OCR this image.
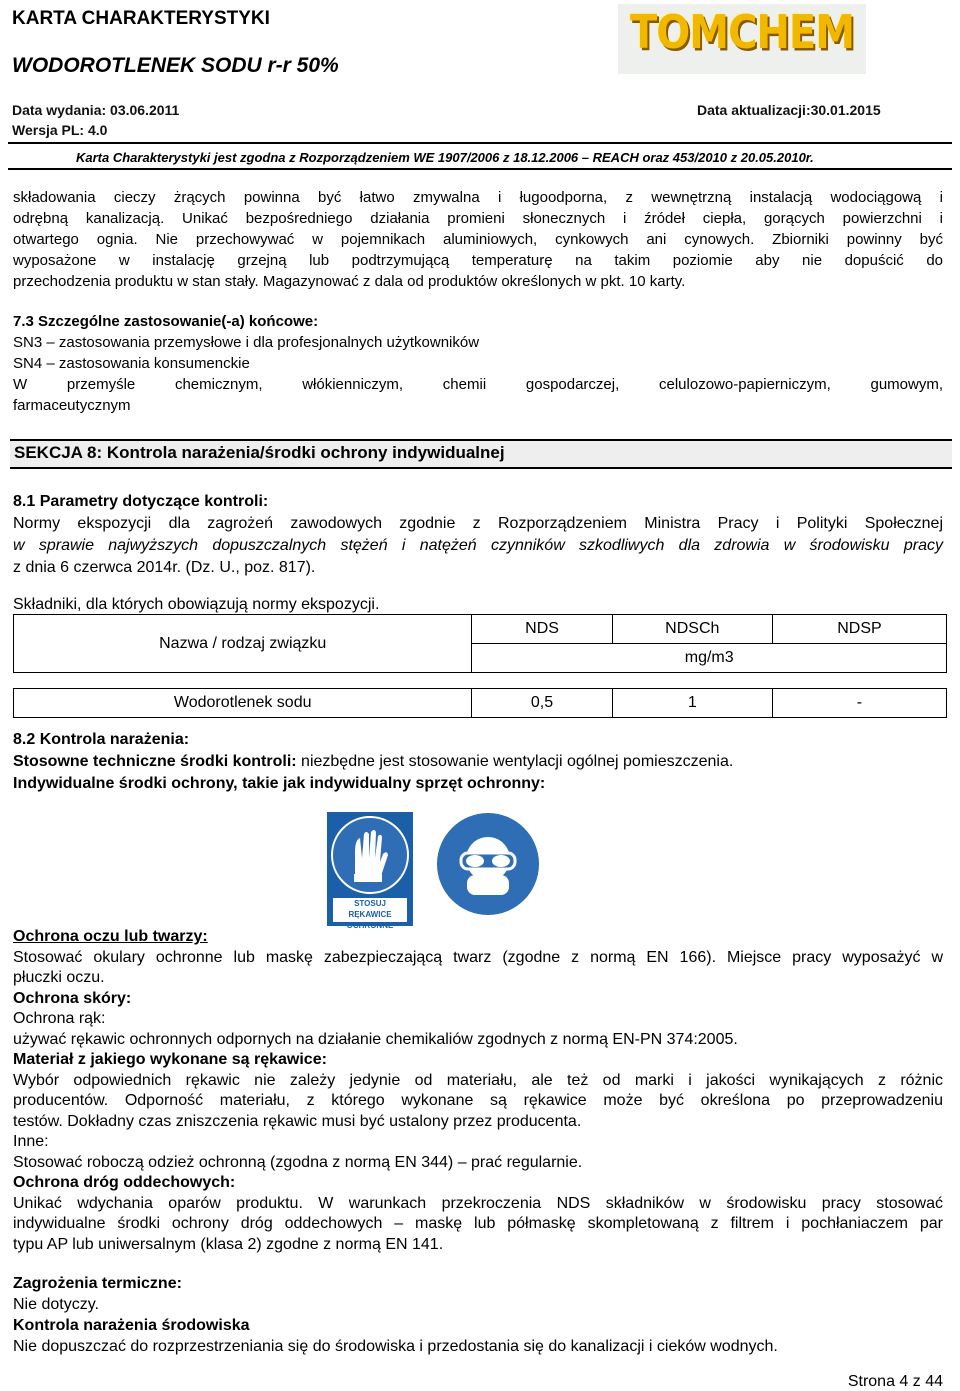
KARTA CHARAKTERYSTYKI
WODOROTLENEK SODU r-r 50%
TOMCHEM
Data wydania: 03.06.2011	Data aktualizacji:30.01.2015
Wersja PL: 4.0
Karta Charakterystyki jest zgodna z Rozporządzeniem WE 1907/2006 z 18.12.2006 – REACH oraz 453/2010 z 20.05.2010r.
składowania cieczy żrących powinna być łatwo zmywalna i ługoodporna, z wewnętrzną instalacją wodociągową i
odrębną kanalizacją. Unikać bezpośredniego działania promieni słonecznych i źródeł ciepła, gorących powierzchni i
otwartego ognia. Nie przechowywać w pojemnikach aluminiowych, cynkowych ani cynowych. Zbiorniki powinny być
wyposażone w instalację grzejną lub podtrzymującą temperaturę na takim poziomie aby nie dopuścić do
przechodzenia produktu w stan stały. Magazynować z dala od produktów określonych w pkt. 10 karty.
7.3 Szczególne zastosowanie(-a) końcowe:
SN3 – zastosowania przemysłowe i dla profesjonalnych użytkowników
SN4 – zastosowania konsumenckie
W przemyśle chemicznym, włókienniczym, chemii gospodarczej, celulozowo-papierniczym, gumowym,
farmaceutycznym
SEKCJA 8: Kontrola narażenia/środki ochrony indywidualnej
8.1 Parametry dotyczące kontroli:
Normy ekspozycji dla zagrożeń zawodowych zgodnie z Rozporządzeniem Ministra Pracy i Polityki Społecznej
w sprawie najwyższych dopuszczalnych stężeń i natężeń czynników szkodliwych dla zdrowia w środowisku pracy
z dnia 6 czerwca 2014r. (Dz. U., poz. 817).
Składniki, dla których obowiązują normy ekspozycji.
Nazwa / rodzaj związku	NDS	NDSCh	NDSP
	mg/m3		

Wodorotlenek sodu	0,5	1	-
8.2 Kontrola narażenia:
Stosowne techniczne środki kontroli: niezbędne jest stosowanie wentylacji ogólnej pomieszczenia.
Indywidualne środki ochrony, takie jak indywidualny sprzęt ochronny:
STOSUJ RĘKAWICE OCHRONNE
Ochrona oczu lub twarzy:
Stosować okulary ochronne lub maskę zabezpieczającą twarz (zgodne z normą EN 166). Miejsce pracy wyposażyć w
płuczki oczu.
Ochrona skóry:
Ochrona rąk:
używać rękawic ochronnych odpornych na działanie chemikaliów zgodnych z normą EN-PN 374:2005.
Materiał z jakiego wykonane są rękawice:
Wybór odpowiednich rękawic nie zależy jedynie od materiału, ale też od marki i jakości wynikających z różnic
producentów. Odporność materiału, z którego wykonane są rękawice może być określona po przeprowadzeniu
testów. Dokładny czas zniszczenia rękawic musi być ustalony przez producenta.
Inne:
Stosować roboczą odzież ochronną (zgodna z normą EN 344) – prać regularnie.
Ochrona dróg oddechowych:
Unikać wdychania oparów produktu. W warunkach przekroczenia NDS składników w środowisku pracy stosować
indywidualne środki ochrony dróg oddechowych – maskę lub półmaskę skompletowaną z filtrem i pochłaniaczem par
typu AP lub uniwersalnym (klasa 2) zgodne z normą EN 141.
Zagrożenia termiczne:
Nie dotyczy.
Kontrola narażenia środowiska
Nie dopuszczać do rozprzestrzeniania się do środowiska i przedostania się do kanalizacji i cieków wodnych.
Strona 4 z 44
